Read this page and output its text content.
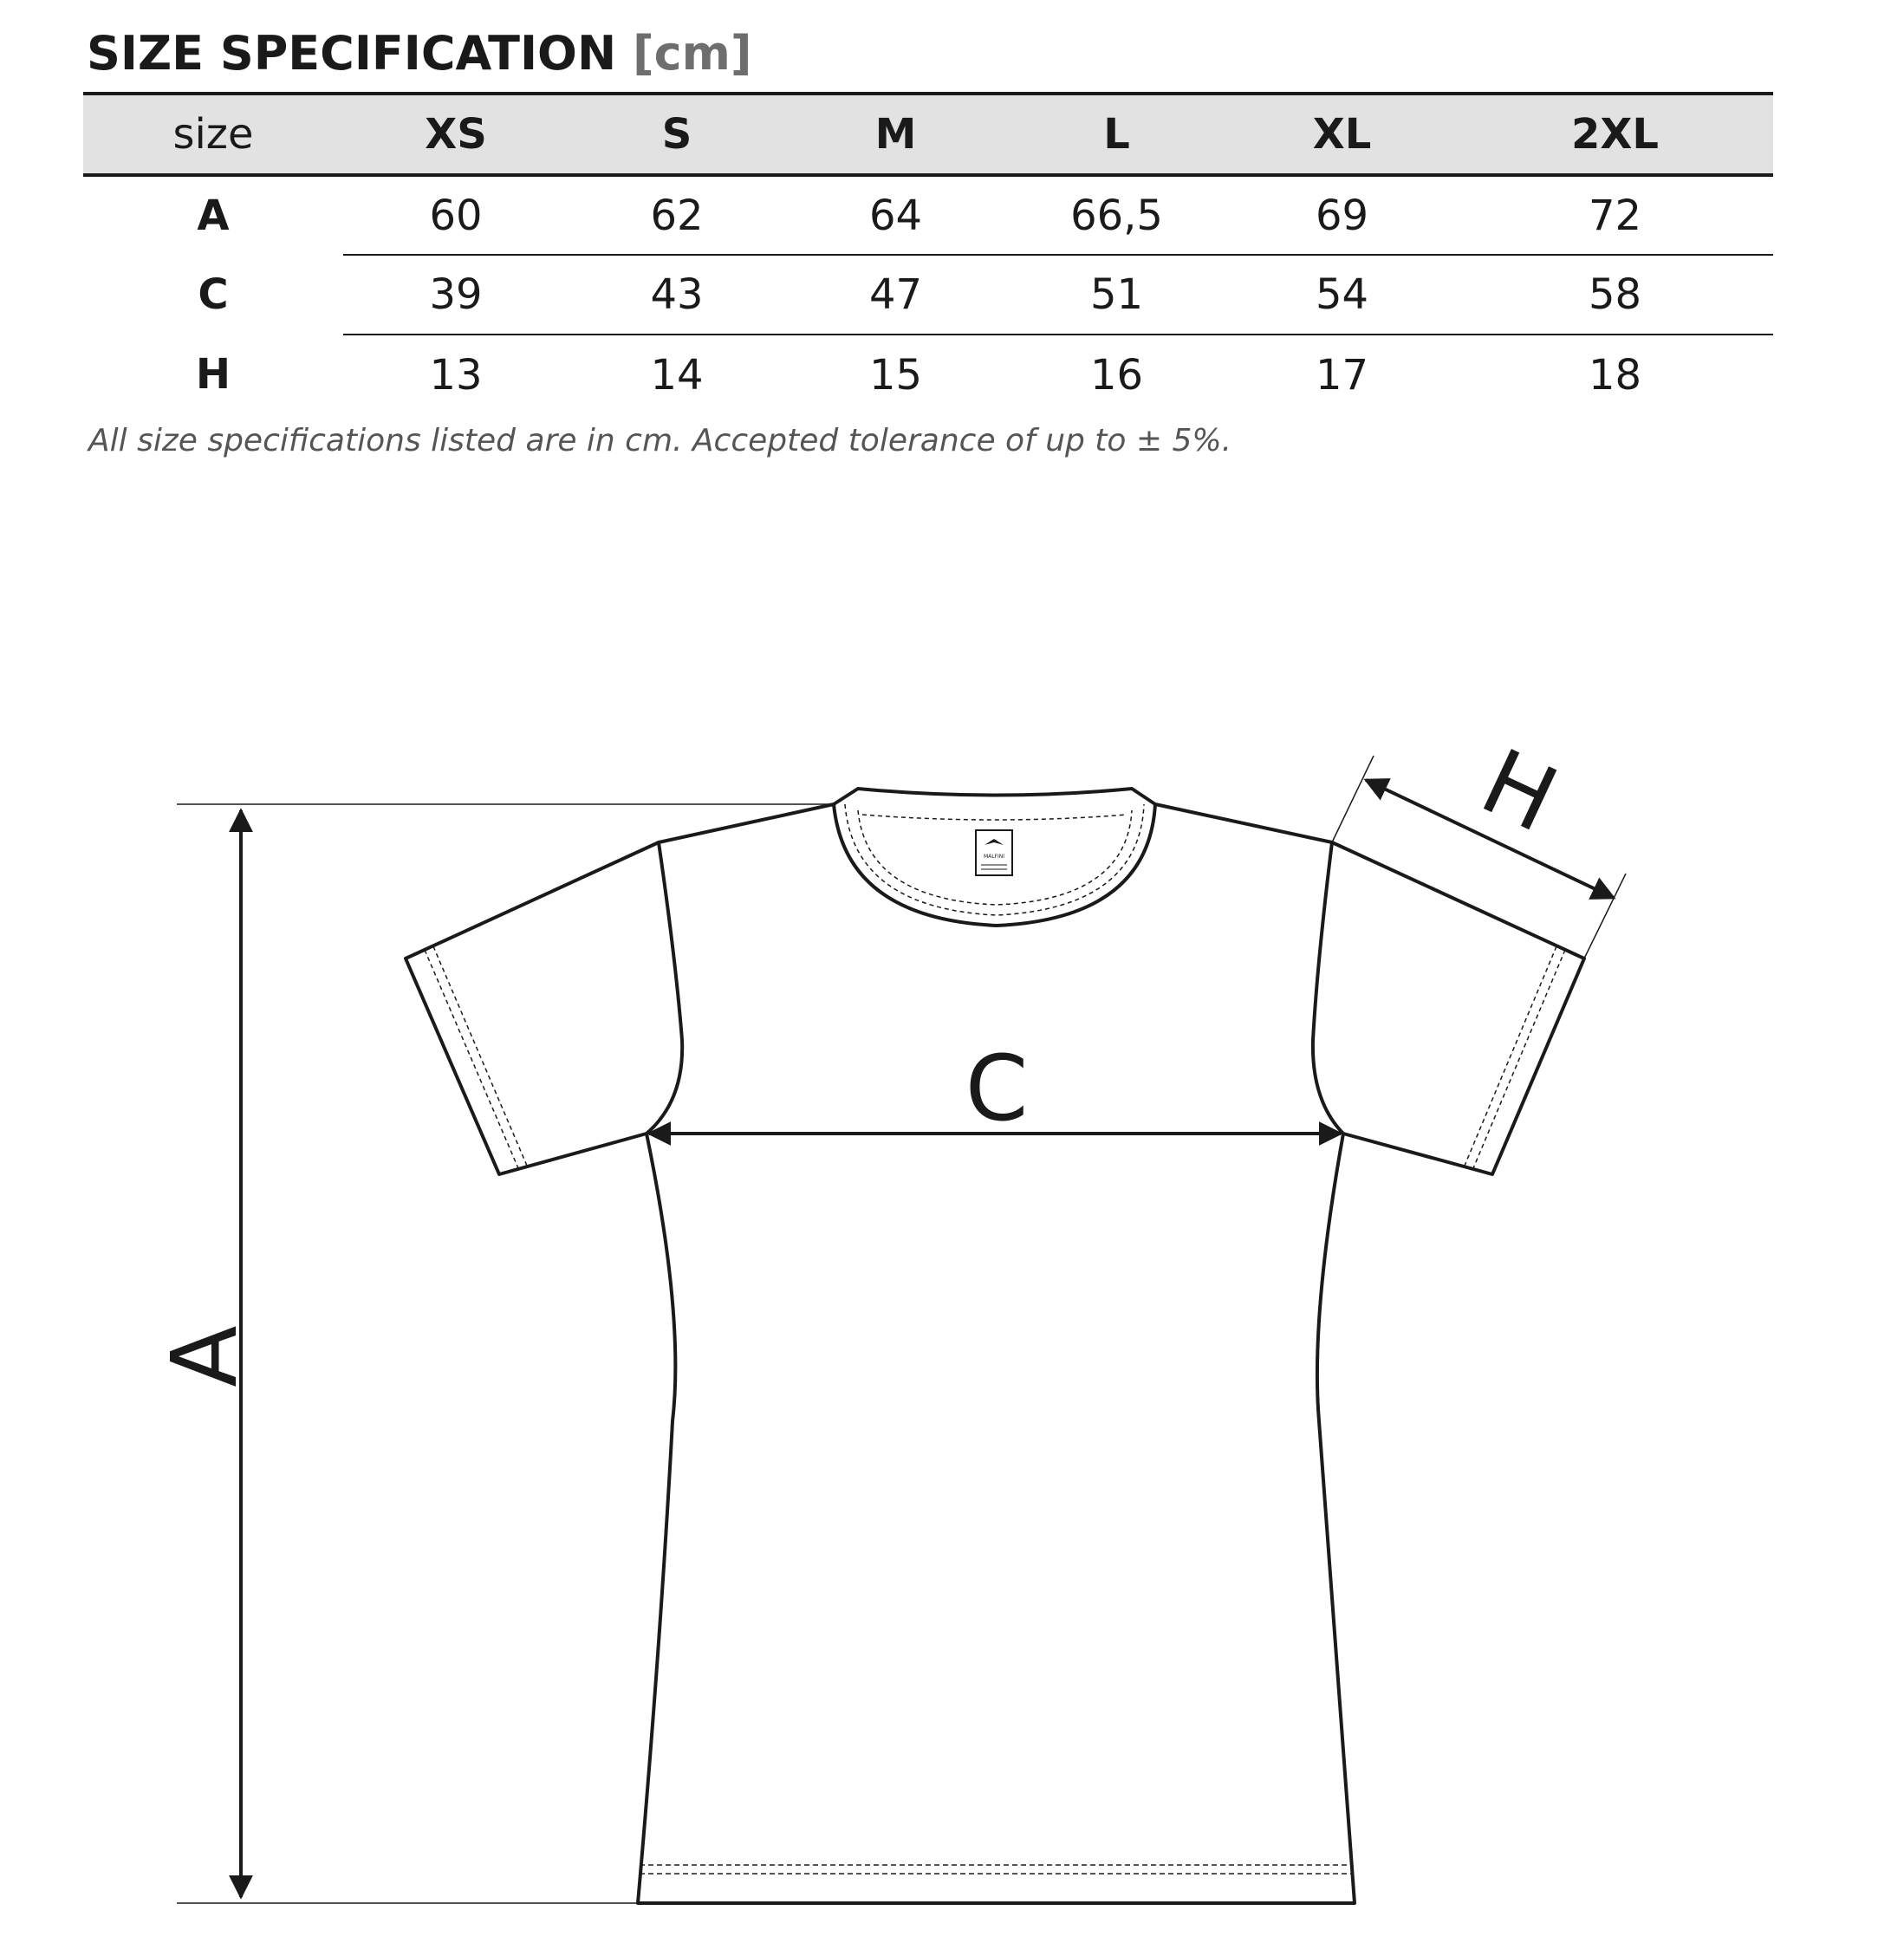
SIZE SPECIFICATION [cm]
size	XS	S	M	L	XL	2XL
A	60	62	64	66,5	69	72
C	39	43	47	51	54	58
H	13	14	15	16	17	18
All size specifications listed are in cm. Accepted tolerance of up to ± 5%.
MALFINI
A
C
H
